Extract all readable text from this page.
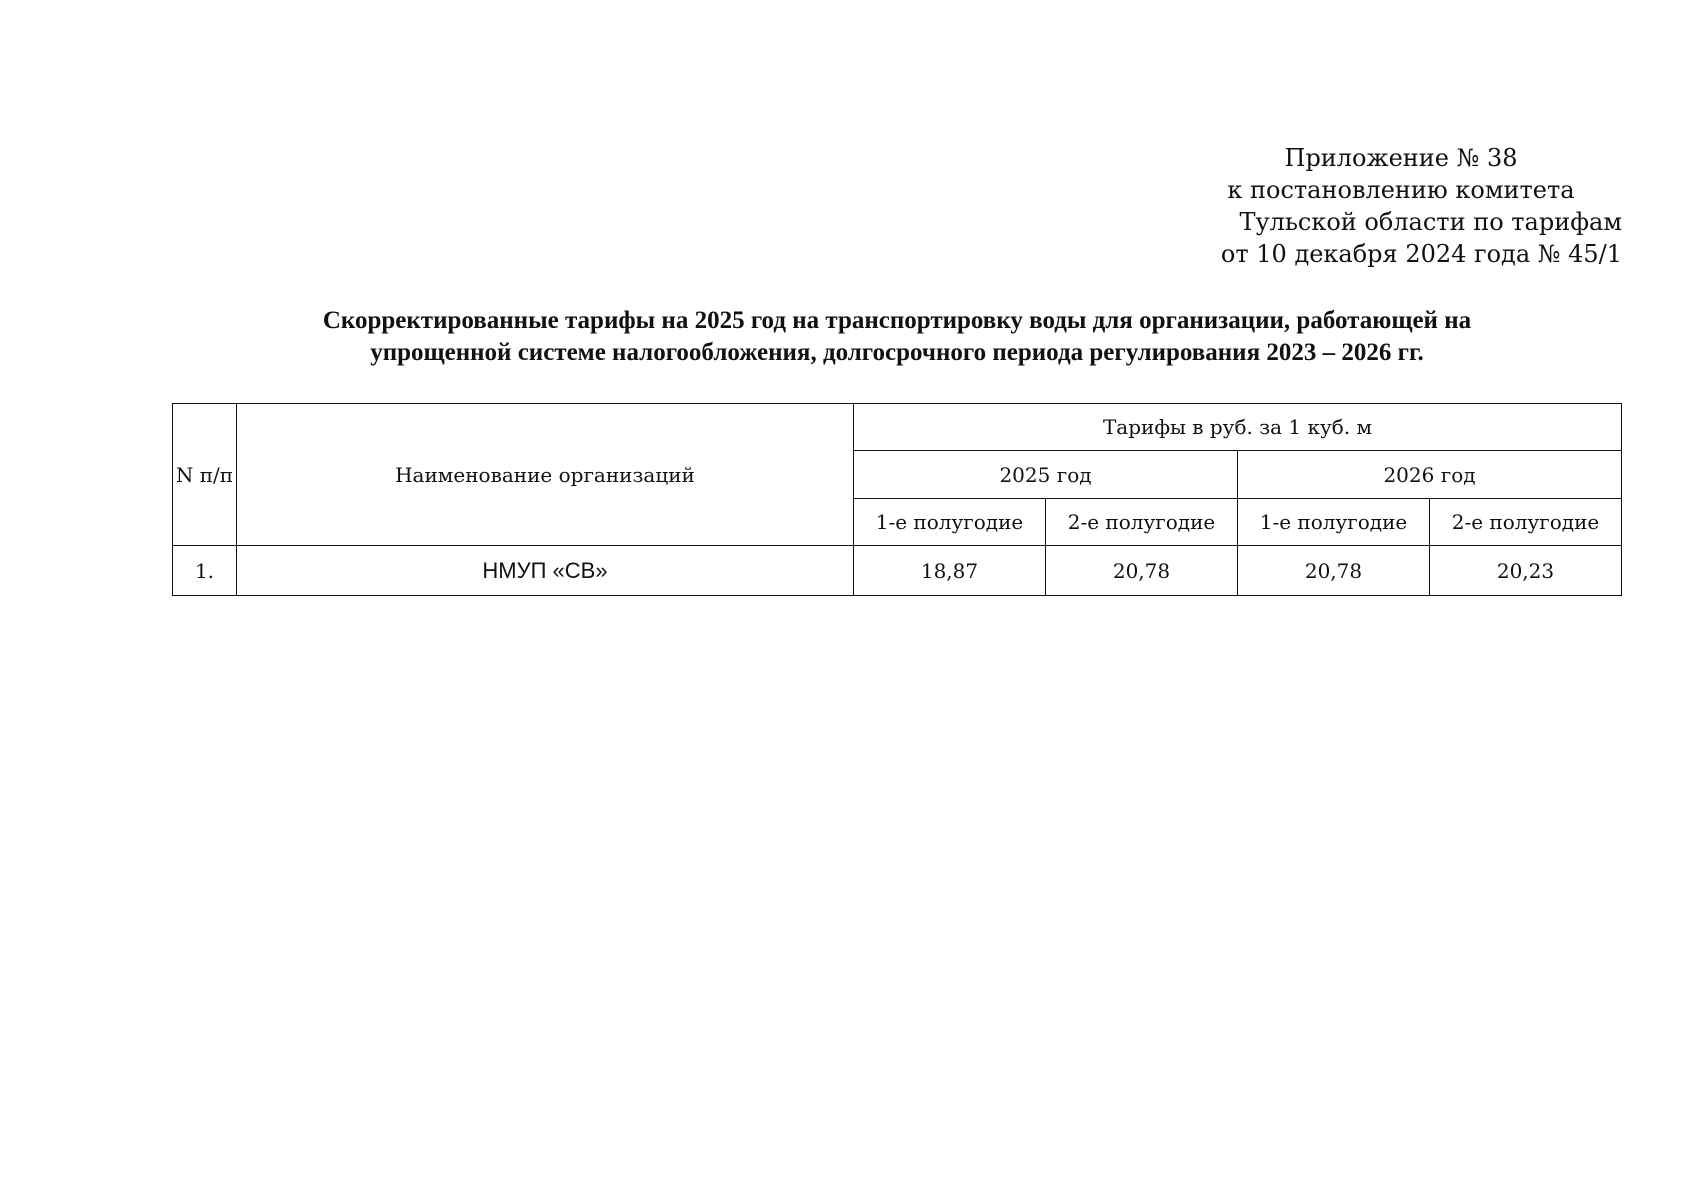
Приложение № 38
к постановлению комитета
Тульской области по тарифам
от 10 декабря 2024 года № 45/1
Скорректированные тарифы на 2025 год на транспортировку воды для организации, работающей на
упрощенной системе налогообложения, долгосрочного периода регулирования 2023 – 2026 гг.
N п/п	Наименование организаций	Тарифы в руб. за 1 куб. м			
		2025 год		2026 год	
		1-е полугодие	2-е полугодие	1-е полугодие	2-е полугодие
1.	НМУП «СВ»	18,87	20,78	20,78	20,23
